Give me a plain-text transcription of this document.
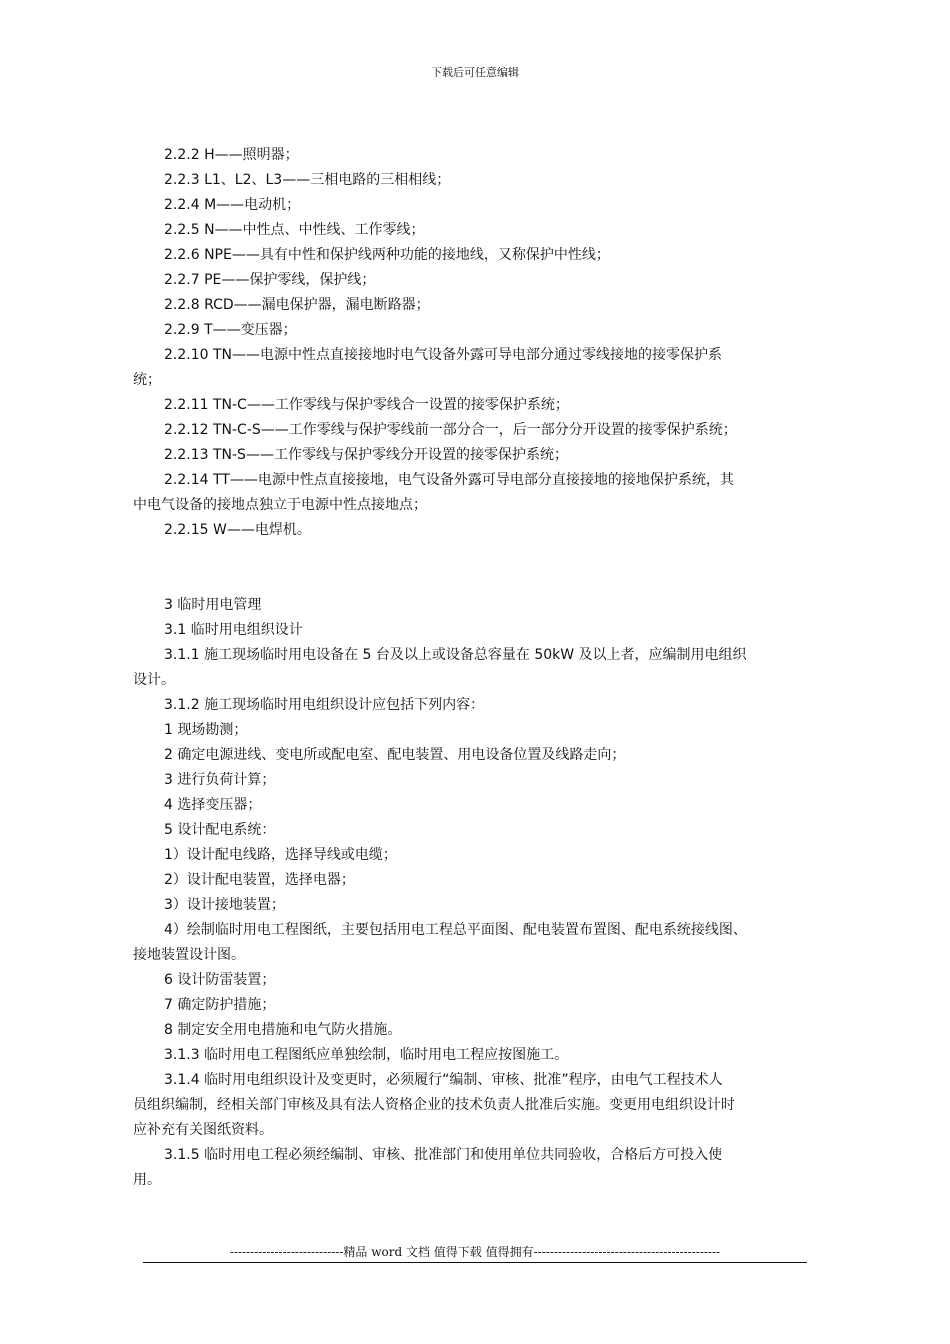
下载后可任意编辑
2.2.2 H——照明器；
2.2.3 L1、L2、L3——三相电路的三相相线；
2.2.4 M——电动机；
2.2.5 N——中性点、中性线、工作零线；
2.2.6 NPE——具有中性和保护线两种功能的接地线，又称保护中性线；
2.2.7 PE——保护零线，保护线；
2.2.8 RCD——漏电保护器，漏电断路器；
2.2.9 T——变压器；
2.2.10 TN——电源中性点直接接地时电气设备外露可导电部分通过零线接地的接零保护系
统；
2.2.11 TN-C——工作零线与保护零线合一设置的接零保护系统；
2.2.12 TN-C-S——工作零线与保护零线前一部分合一，后一部分分开设置的接零保护系统；
2.2.13 TN-S——工作零线与保护零线分开设置的接零保护系统；
2.2.14 TT——电源中性点直接接地，电气设备外露可导电部分直接接地的接地保护系统，其
中电气设备的接地点独立于电源中性点接地点；
2.2.15 W——电焊机。
3 临时用电管理
3.1 临时用电组织设计
3.1.1 施工现场临时用电设备在 5 台及以上或设备总容量在 50kW 及以上者，应编制用电组织
设计。
3.1.2 施工现场临时用电组织设计应包括下列内容：
1 现场勘测；
2 确定电源进线、变电所或配电室、配电装置、用电设备位置及线路走向；
3 进行负荷计算；
4 选择变压器；
5 设计配电系统：
1）设计配电线路，选择导线或电缆；
2）设计配电装置，选择电器；
3）设计接地装置；
4）绘制临时用电工程图纸，主要包括用电工程总平面图、配电装置布置图、配电系统接线图、
接地装置设计图。
6 设计防雷装置；
7 确定防护措施；
8 制定安全用电措施和电气防火措施。
3.1.3 临时用电工程图纸应单独绘制，临时用电工程应按图施工。
3.1.4 临时用电组织设计及变更时，必须履行“编制、审核、批准”程序，由电气工程技术人
员组织编制，经相关部门审核及具有法人资格企业的技术负责人批准后实施。变更用电组织设计时
应补充有关图纸资料。
3.1.5 临时用电工程必须经编制、审核、批准部门和使用单位共同验收，合格后方可投入使
用。
----------------------------精品 word 文档 值得下载 值得拥有----------------------------------------------
